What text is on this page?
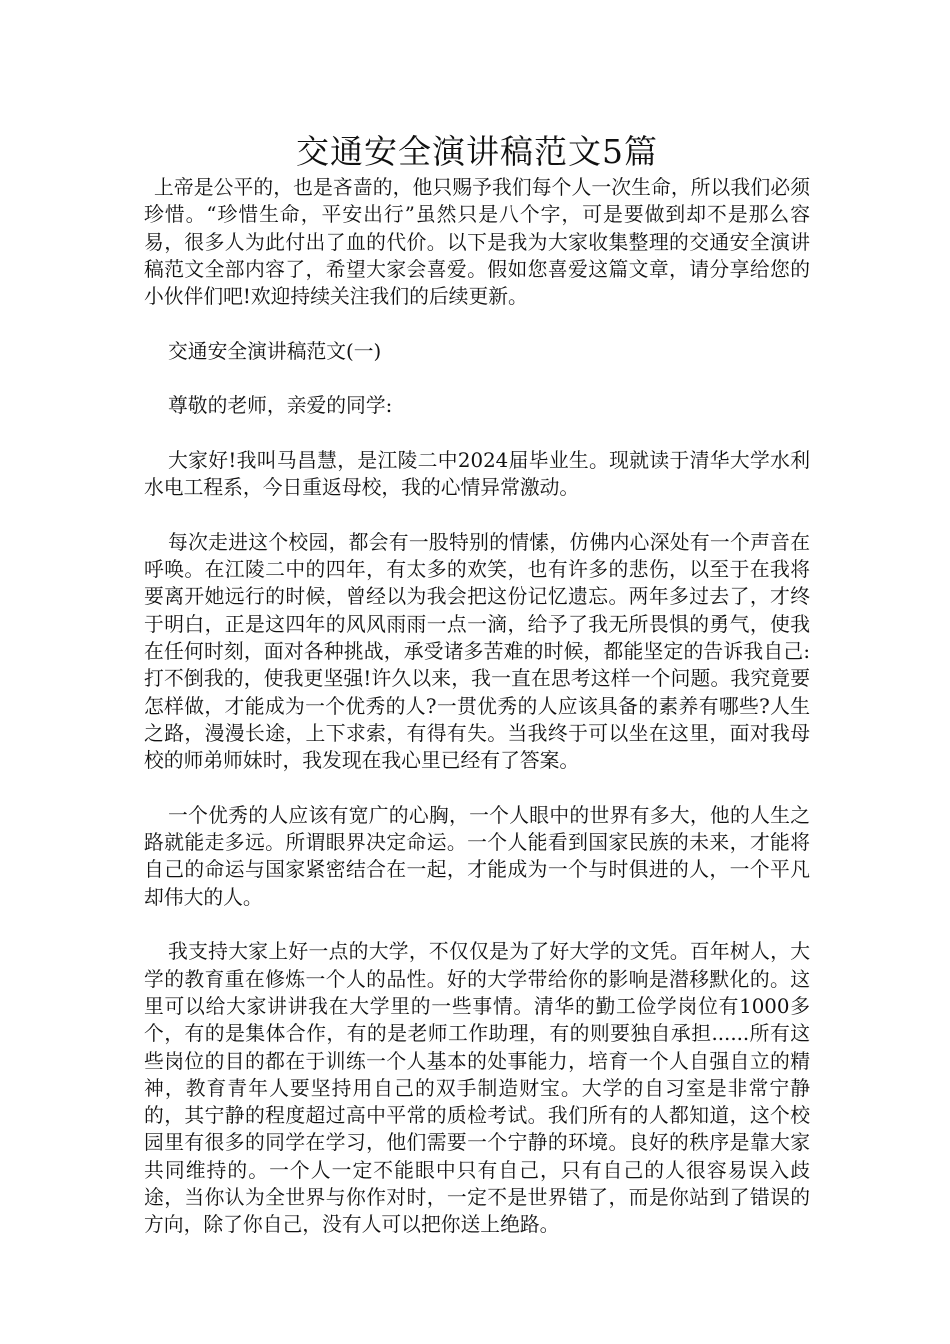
交通安全演讲稿范文5篇

上帝是公平的，也是吝啬的，他只赐予我们每个人一次生命，所以我们必须珍惜。“珍惜生命，平安出行”虽然只是八个字，可是要做到却不是那么容易，很多人为此付出了血的代价。以下是我为大家收集整理的交通安全演讲稿范文全部内容了，希望大家会喜爱。假如您喜爱这篇文章，请分享给您的小伙伴们吧!欢迎持续关注我们的后续更新。

交通安全演讲稿范文(一)

尊敬的老师，亲爱的同学:

大家好!我叫马昌慧，是江陵二中2024届毕业生。现就读于清华大学水利水电工程系，今日重返母校，我的心情异常激动。

每次走进这个校园，都会有一股特别的情愫，仿佛内心深处有一个声音在呼唤。在江陵二中的四年，有太多的欢笑，也有许多的悲伤，以至于在我将要离开她远行的时候，曾经以为我会把这份记忆遗忘。两年多过去了，才终于明白，正是这四年的风风雨雨一点一滴，给予了我无所畏惧的勇气，使我在任何时刻，面对各种挑战，承受诸多苦难的时候，都能坚定的告诉我自己:打不倒我的，使我更坚强!许久以来，我一直在思考这样一个问题。我究竟要怎样做，才能成为一个优秀的人?一贯优秀的人应该具备的素养有哪些?人生之路，漫漫长途，上下求索，有得有失。当我终于可以坐在这里，面对我母校的师弟师妹时，我发现在我心里已经有了答案。

一个优秀的人应该有宽广的心胸，一个人眼中的世界有多大，他的人生之路就能走多远。所谓眼界决定命运。一个人能看到国家民族的未来，才能将自己的命运与国家紧密结合在一起，才能成为一个与时俱进的人，一个平凡却伟大的人。

我支持大家上好一点的大学，不仅仅是为了好大学的文凭。百年树人，大学的教育重在修炼一个人的品性。好的大学带给你的影响是潜移默化的。这里可以给大家讲讲我在大学里的一些事情。清华的勤工俭学岗位有1000多个，有的是集体合作，有的是老师工作助理，有的则要独自承担......所有这些岗位的目的都在于训练一个人基本的处事能力，培育一个人自强自立的精神，教育青年人要坚持用自己的双手制造财宝。大学的自习室是非常宁静的，其宁静的程度超过高中平常的质检考试。我们所有的人都知道，这个校园里有很多的同学在学习，他们需要一个宁静的环境。良好的秩序是靠大家共同维持的。一个人一定不能眼中只有自己，只有自己的人很容易误入歧途，当你认为全世界与你作对时，一定不是世界错了，而是你站到了错误的方向，除了你自己，没有人可以把你送上绝路。
